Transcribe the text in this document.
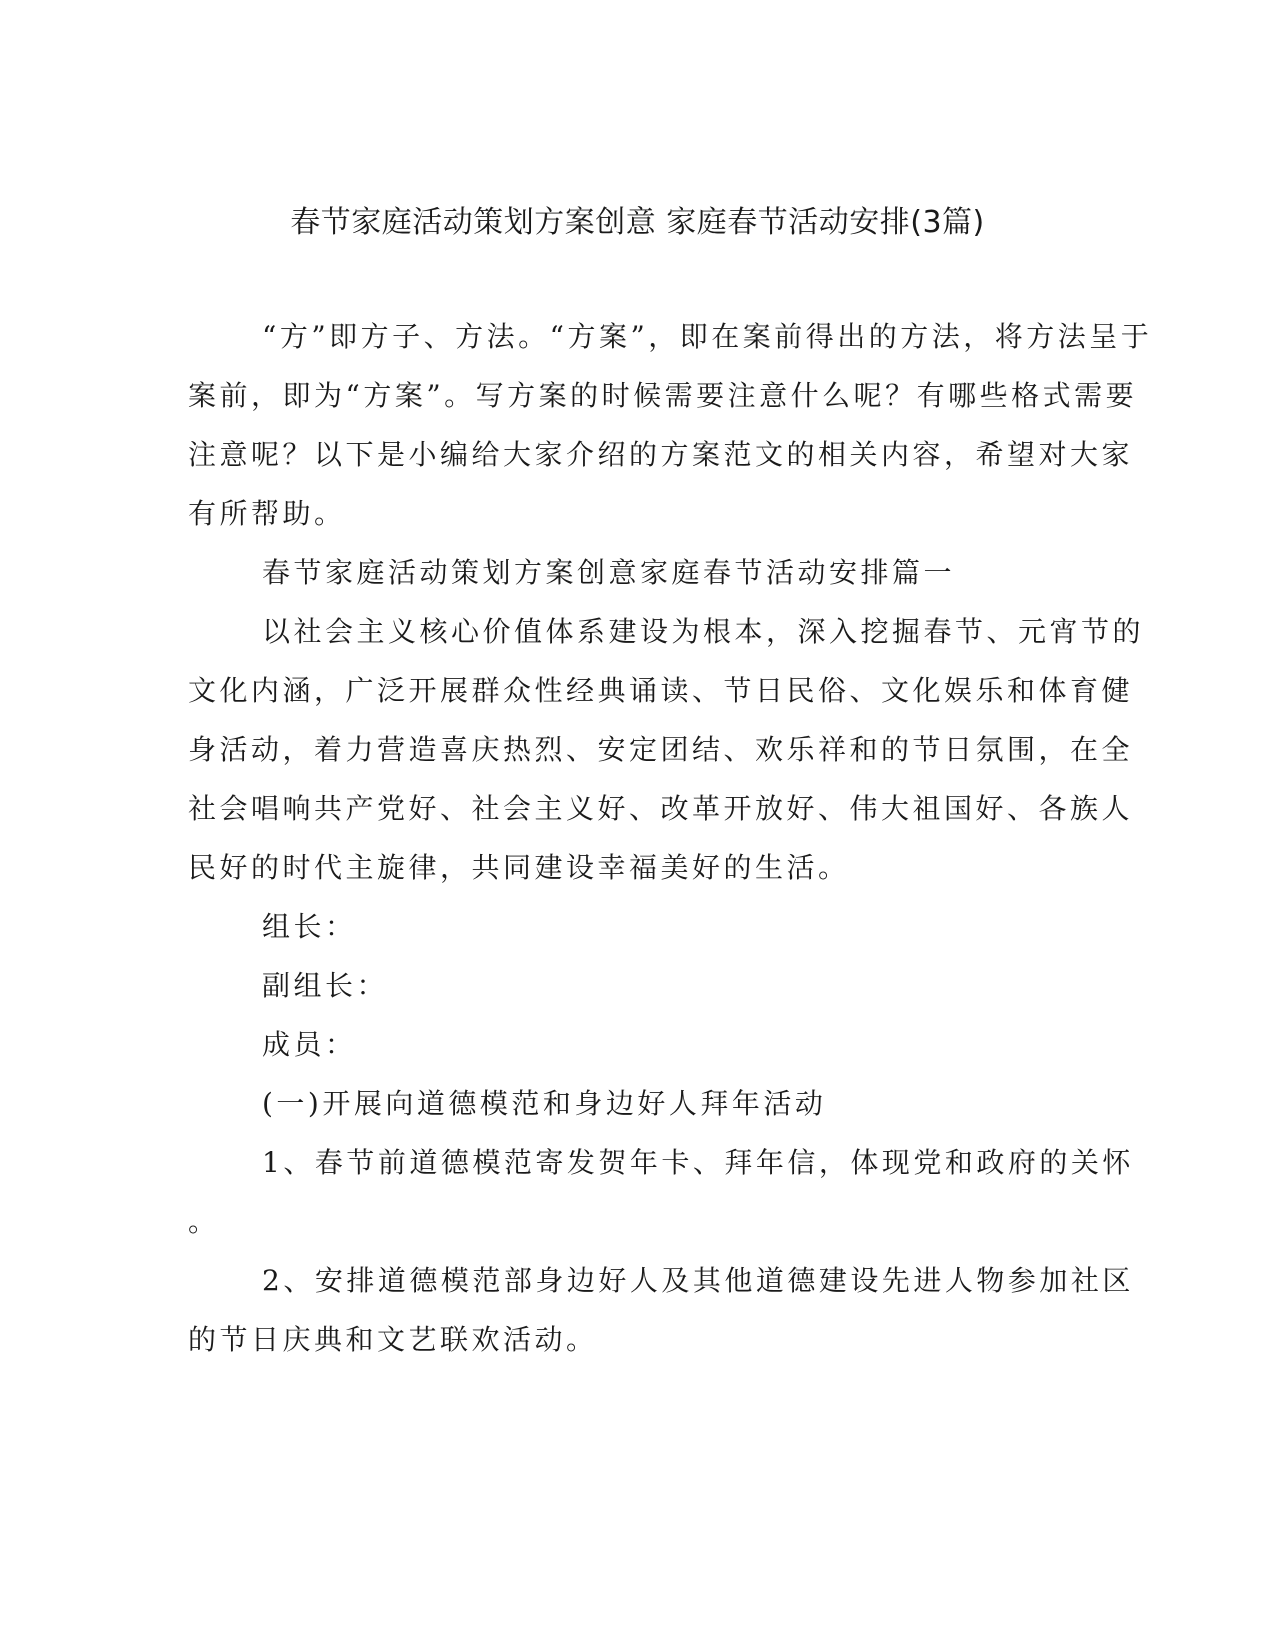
春节家庭活动策划方案创意 家庭春节活动安排(3篇)
“方”即方子、方法。“方案”，即在案前得出的方法，将方法呈于
案前，即为“方案”。写方案的时候需要注意什么呢？有哪些格式需要
注意呢？以下是小编给大家介绍的方案范文的相关内容，希望对大家
有所帮助。
春节家庭活动策划方案创意家庭春节活动安排篇一
以社会主义核心价值体系建设为根本，深入挖掘春节、元宵节的
文化内涵，广泛开展群众性经典诵读、节日民俗、文化娱乐和体育健
身活动，着力营造喜庆热烈、安定团结、欢乐祥和的节日氛围，在全
社会唱响共产党好、社会主义好、改革开放好、伟大祖国好、各族人
民好的时代主旋律，共同建设幸福美好的生活。
组长：
副组长：
成员：
(一)开展向道德模范和身边好人拜年活动
1、春节前道德模范寄发贺年卡、拜年信，体现党和政府的关怀
。
2、安排道德模范部身边好人及其他道德建设先进人物参加社区
的节日庆典和文艺联欢活动。
